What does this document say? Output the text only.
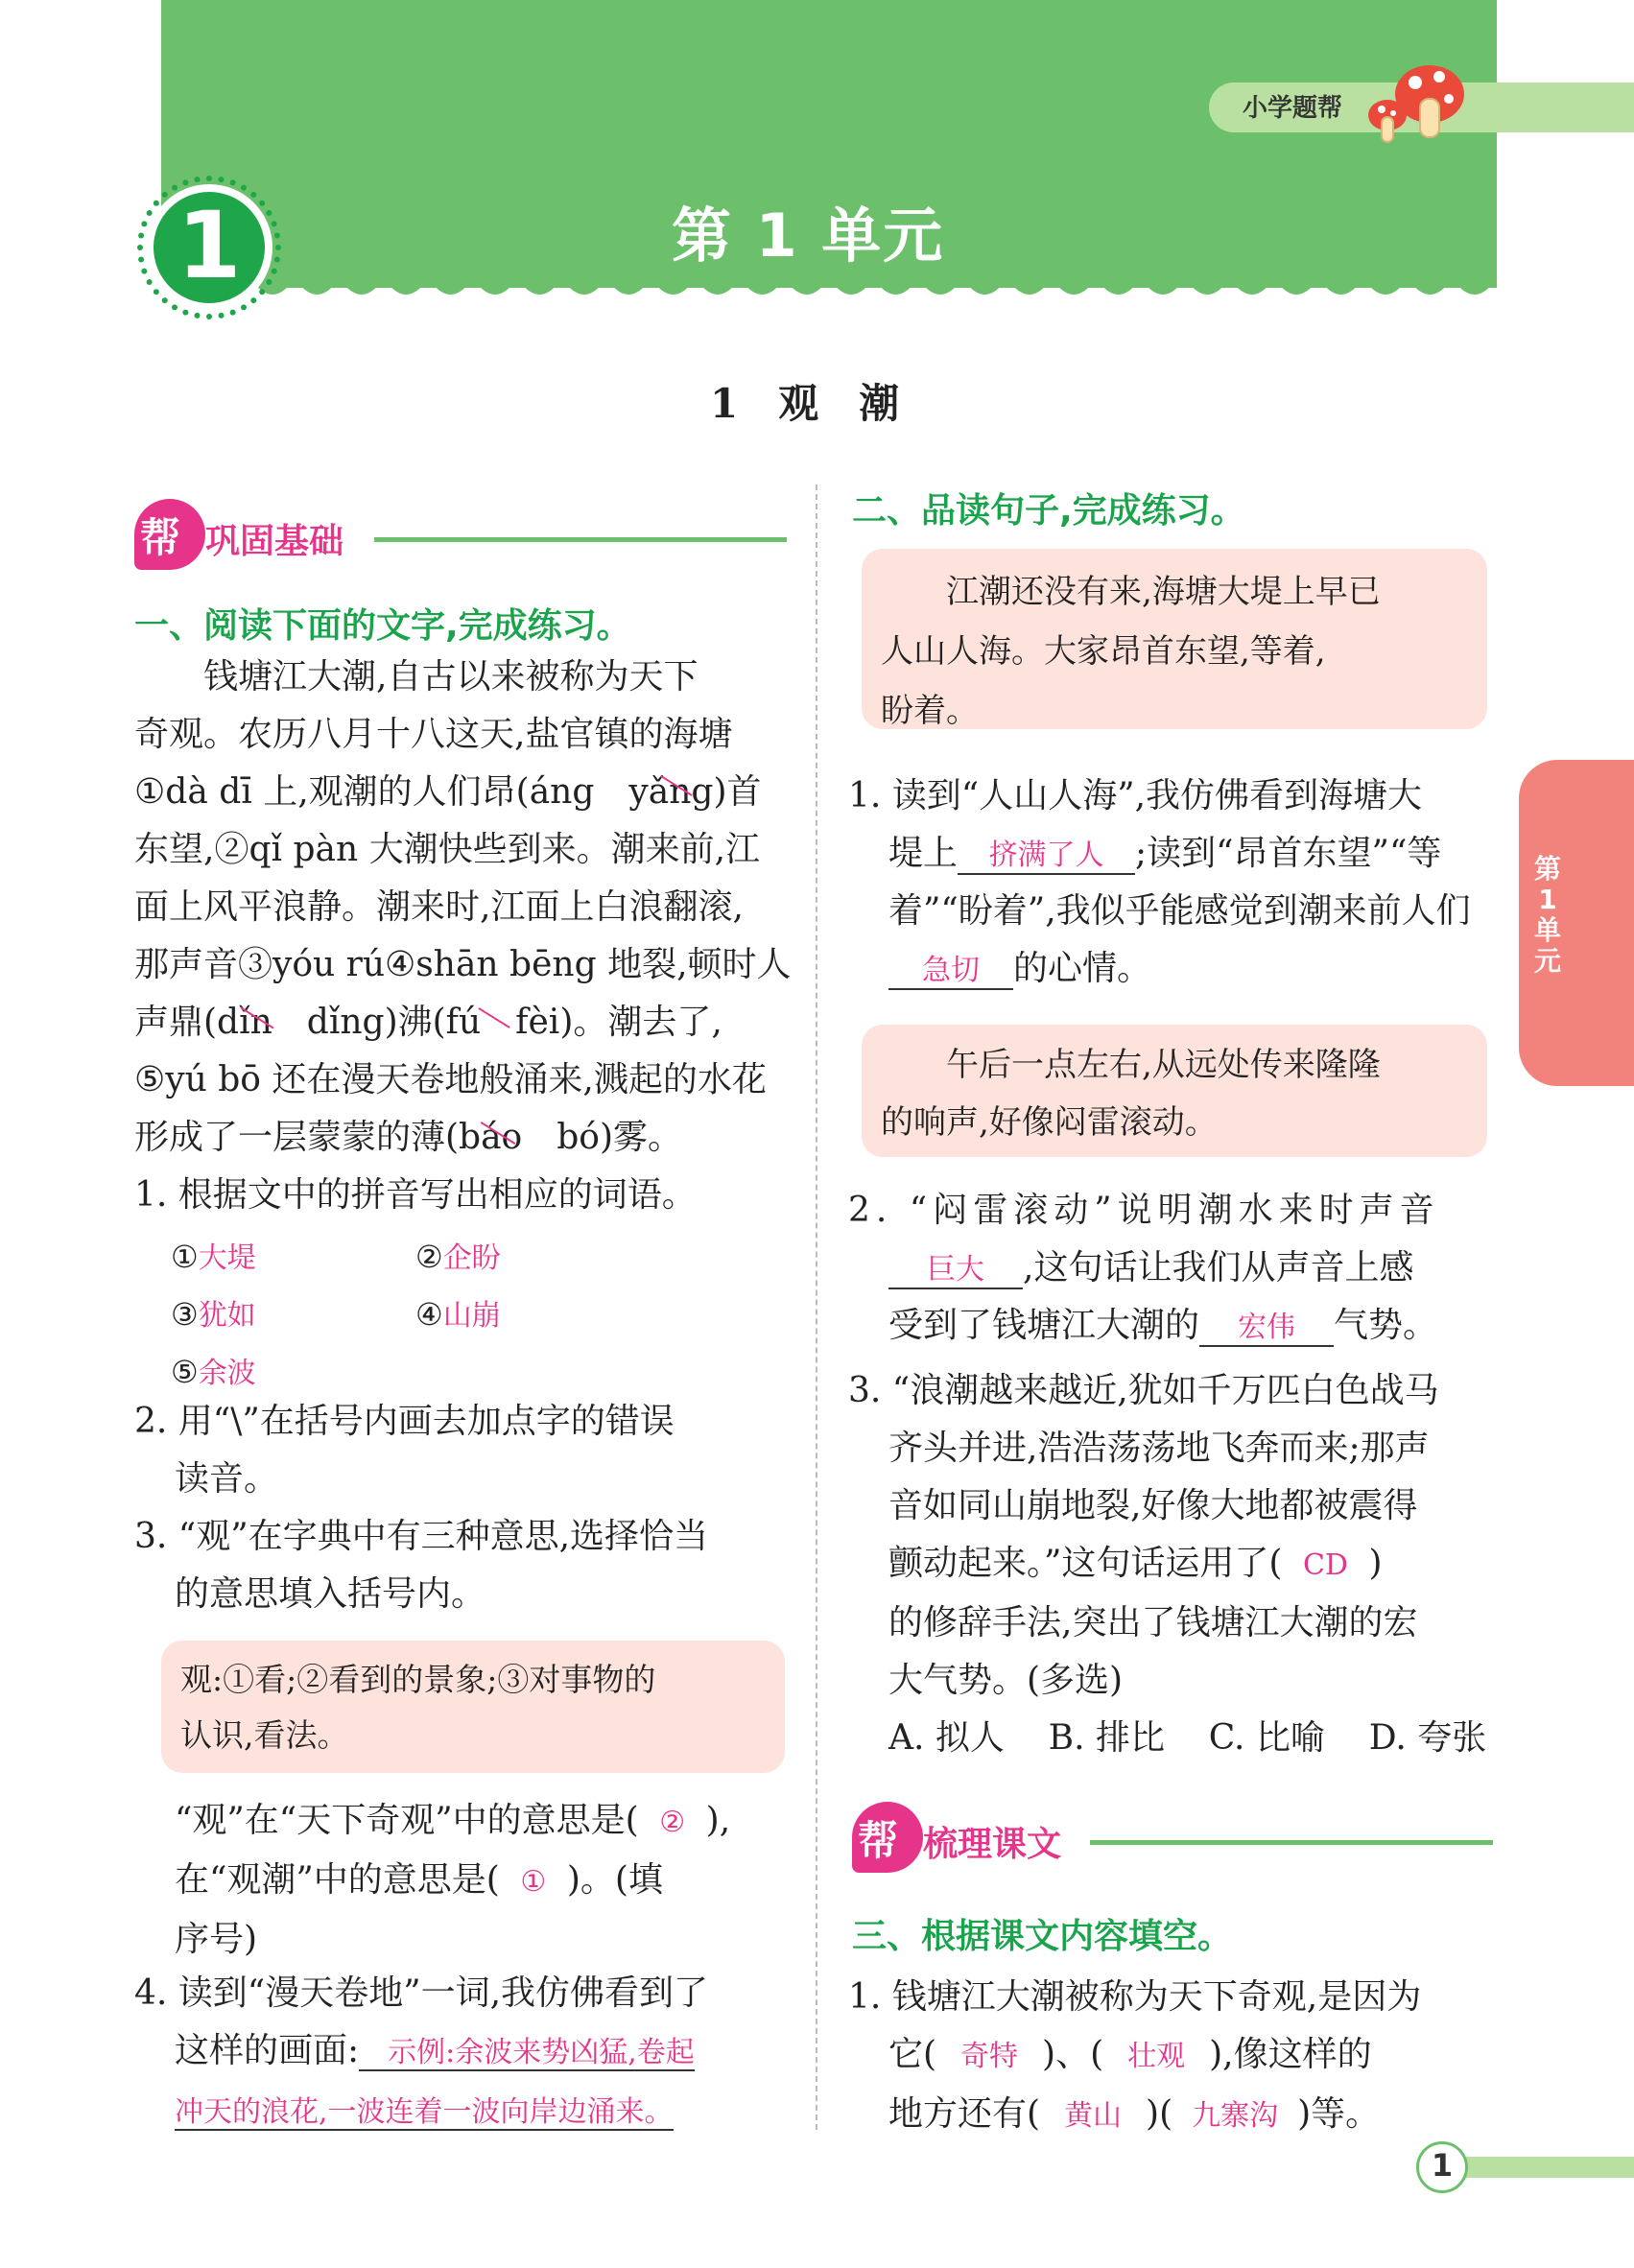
小学题帮
1	第 1 单元
1　观　潮
第
1
单
元
帮 巩固基础
一、阅读下面的文字,完成练习。
　　钱塘江大潮,自古以来被称为天下
奇观。农历八月十八这天,盐官镇的海塘
①dà dī 上,观潮的人们昂(áng　yǎng)首
东望,②qǐ pàn 大潮快些到来。潮来前,江
面上风平浪静。潮来时,江面上白浪翻滚,
那声音③yóu rú④shān bēng 地裂,顿时人
声鼎(dǐn　dǐng)沸(fú　fèi)。潮去了,
⑤yú bō 还在漫天卷地般涌来,溅起的水花
形成了一层蒙蒙的薄(báo　bó)雾。
1. 根据文中的拼音写出相应的词语。
①大堤	②企盼
③犹如	④山崩
⑤余波
2. 用“\”在括号内画去加点字的错误
读音。
3. “观”在字典中有三种意思,选择恰当
的意思填入括号内。
观:①看;②看到的景象;③对事物的
认识,看法。
“观”在“天下奇观”中的意思是( ② ),
在“观潮”中的意思是( ① )。(填
序号)
4. 读到“漫天卷地”一词,我仿佛看到了
这样的画面: 示例:余波来势凶猛,卷起
冲天的浪花,一波连着一波向岸边涌来。
二、品读句子,完成练习。
　　江潮还没有来,海塘大堤上早已
人山人海。大家昂首东望,等着,
盼着。
1. 读到“人山人海”,我仿佛看到海塘大
堤上 挤满了人 ;读到“昂首东望”“等
着”“盼着”,我似乎能感觉到潮来前人们
急切 的心情。
　　午后一点左右,从远处传来隆隆
的响声,好像闷雷滚动。
2. “闷雷滚动”说明潮水来时声音
巨大 ,这句话让我们从声音上感
受到了钱塘江大潮的 宏伟 气势。
3. “浪潮越来越近,犹如千万匹白色战马
齐头并进,浩浩荡荡地飞奔而来;那声
音如同山崩地裂,好像大地都被震得
颤动起来。”这句话运用了( CD )
的修辞手法,突出了钱塘江大潮的宏
大气势。(多选)
A. 拟人 B. 排比 C. 比喻 D. 夸张
帮 梳理课文
三、根据课文内容填空。
1. 钱塘江大潮被称为天下奇观,是因为
它( 奇特 )、( 壮观 ),像这样的
地方还有( 黄山 )( 九寨沟 )等。
1
